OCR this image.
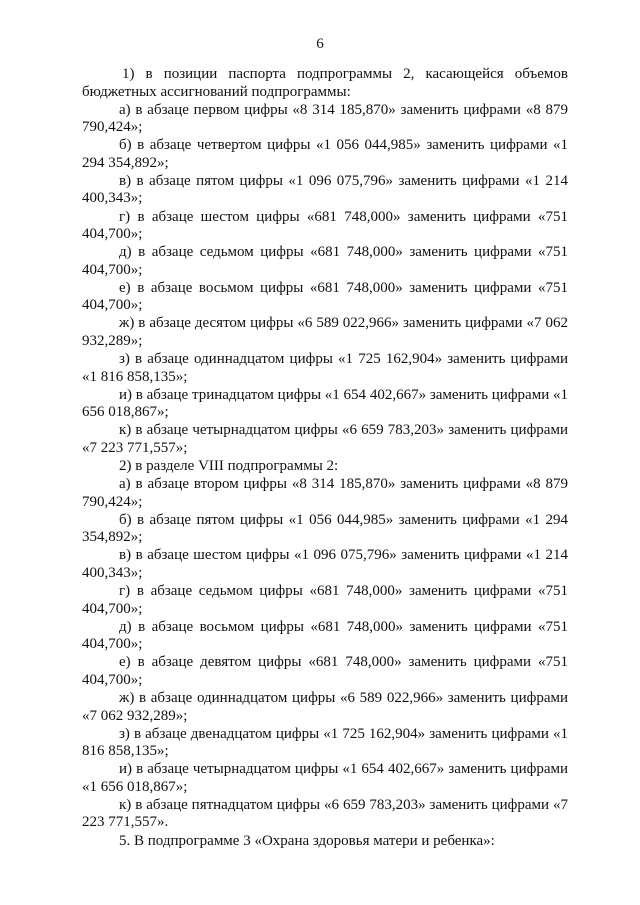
6

1) в позиции паспорта подпрограммы 2, касающейся объемов бюджетных ассигнований подпрограммы:

а) в абзаце первом цифры «8 314 185,870» заменить цифрами «8 879 790,424»;

б) в абзаце четвертом цифры «1 056 044,985» заменить цифрами «1 294 354,892»;

в) в абзаце пятом цифры «1 096 075,796» заменить цифрами «1 214 400,343»;

г) в абзаце шестом цифры «681 748,000» заменить цифрами «751 404,700»;

д) в абзаце седьмом цифры «681 748,000» заменить цифрами «751 404,700»;

е) в абзаце восьмом цифры «681 748,000» заменить цифрами «751 404,700»;

ж) в абзаце десятом цифры «6 589 022,966» заменить цифрами «7 062 932,289»;

з) в абзаце одиннадцатом цифры «1 725 162,904» заменить цифрами «1 816 858,135»;

и) в абзаце тринадцатом цифры «1 654 402,667» заменить цифрами «1 656 018,867»;

к) в абзаце четырнадцатом цифры «6 659 783,203» заменить цифрами «7 223 771,557»;

2) в разделе VIII подпрограммы 2:

а) в абзаце втором цифры «8 314 185,870» заменить цифрами «8 879 790,424»;

б) в абзаце пятом цифры «1 056 044,985» заменить цифрами «1 294 354,892»;

в) в абзаце шестом цифры «1 096 075,796» заменить цифрами «1 214 400,343»;

г) в абзаце седьмом цифры «681 748,000» заменить цифрами «751 404,700»;

д) в абзаце восьмом цифры «681 748,000» заменить цифрами «751 404,700»;

е) в абзаце девятом цифры «681 748,000» заменить цифрами «751 404,700»;

ж) в абзаце одиннадцатом цифры «6 589 022,966» заменить цифрами «7 062 932,289»;

з) в абзаце двенадцатом цифры «1 725 162,904» заменить цифрами «1 816 858,135»;

и) в абзаце четырнадцатом цифры «1 654 402,667» заменить цифрами «1 656 018,867»;

к) в абзаце пятнадцатом цифры «6 659 783,203» заменить цифрами «7 223 771,557».

5. В подпрограмме 3 «Охрана здоровья матери и ребенка»:
